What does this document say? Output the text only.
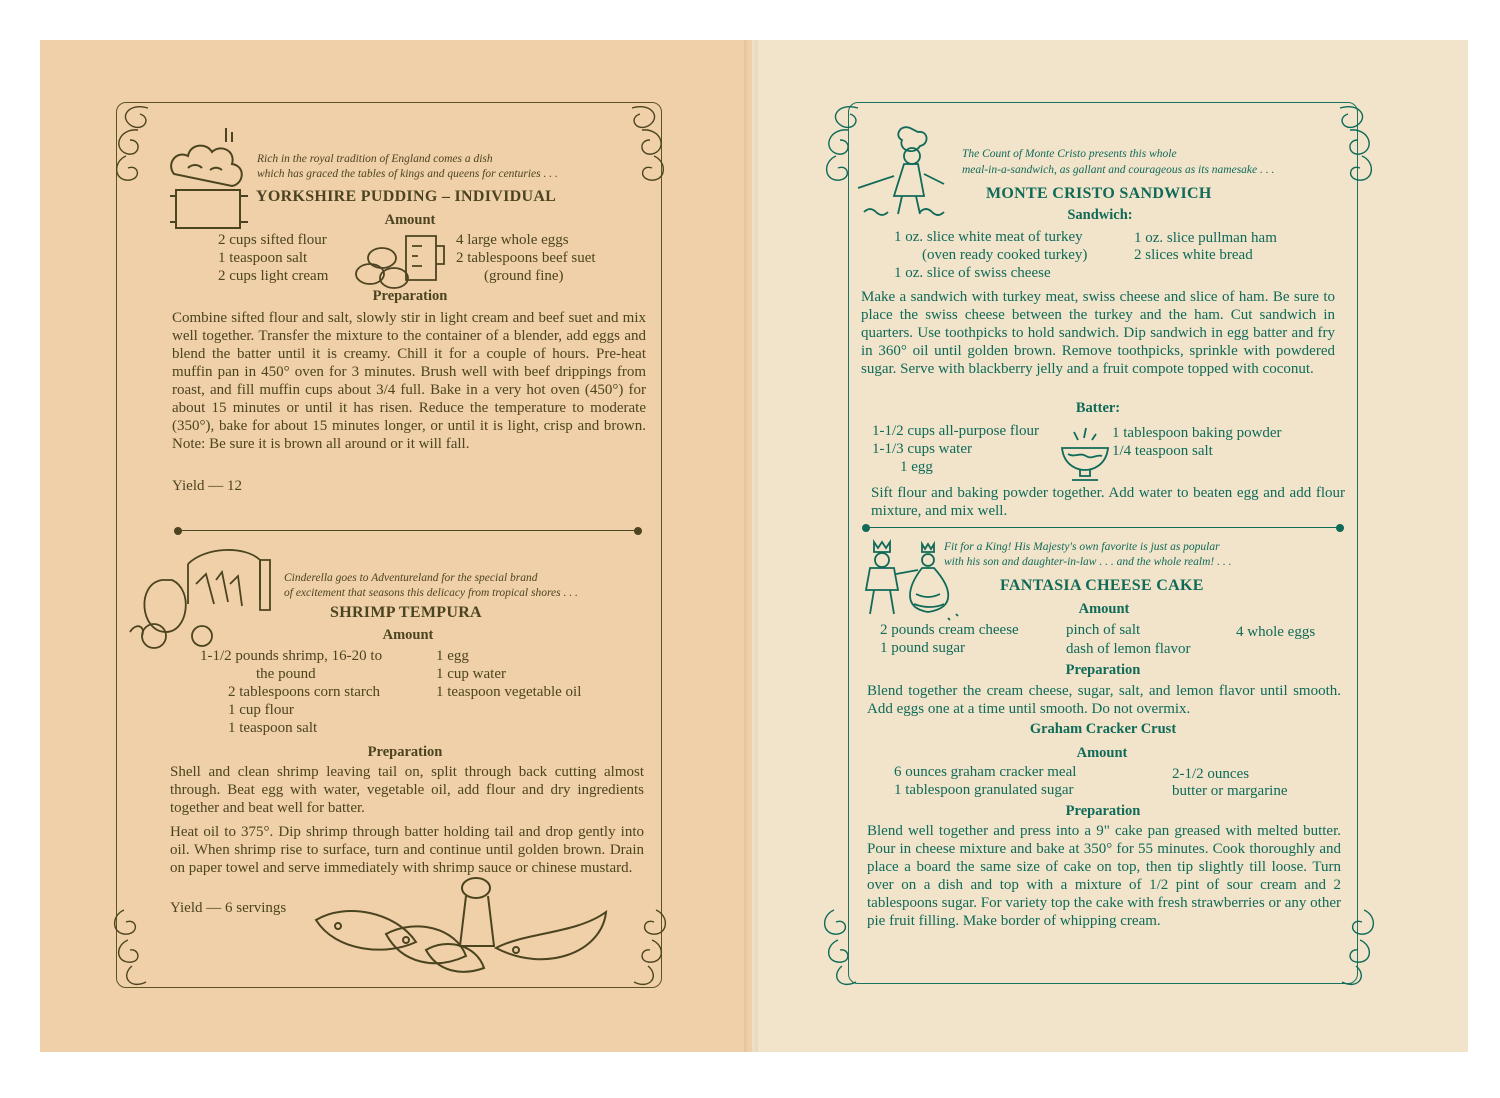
Rich in the royal tradition of England comes a dish
which has graced the tables of kings and queens for centuries . . .
YORKSHIRE PUDDING – INDIVIDUAL
Amount
2 cups sifted flour
1 teaspoon salt
2 cups light cream
4 large whole eggs
2 tablespoons beef suet
(ground fine)
Preparation
Combine sifted flour and salt, slowly stir in light cream and beef suet and mix well together. Transfer the mixture to the container of a blender, add eggs and blend the batter until it is creamy. Chill it for a couple of hours. Pre-heat muffin pan in 450° oven for 3 minutes. Brush well with beef drippings from roast, and fill muffin cups about 3/4 full. Bake in a very hot oven (450°) for about 15 minutes or until it has risen. Reduce the temperature to moderate (350°), bake for about 15 minutes longer, or until it is light, crisp and brown. Note: Be sure it is brown all around or it will fall.
Yield — 12
Cinderella goes to Adventureland for the special brand
of excitement that seasons this delicacy from tropical shores . . .
SHRIMP TEMPURA
Amount
1-1/2 pounds shrimp, 16-20 to
the pound
2 tablespoons corn starch
1 cup flour
1 teaspoon salt
1 egg
1 cup water
1 teaspoon vegetable oil
Preparation
Shell and clean shrimp leaving tail on, split through back cutting almost through. Beat egg with water, vegetable oil, add flour and dry ingredients together and beat well for batter.
Heat oil to 375°. Dip shrimp through batter holding tail and drop gently into oil. When shrimp rise to surface, turn and continue until golden brown. Drain on paper towel and serve immediately with shrimp sauce or chinese mustard.
Yield — 6 servings
The Count of Monte Cristo presents this whole
meal-in-a-sandwich, as gallant and courageous as its namesake . . .
MONTE CRISTO SANDWICH
Sandwich:
1 oz. slice white meat of turkey
(oven ready cooked turkey)
1 oz. slice of swiss cheese
1 oz. slice pullman ham
2 slices white bread
Make a sandwich with turkey meat, swiss cheese and slice of ham. Be sure to place the swiss cheese between the turkey and the ham. Cut sandwich in quarters. Use toothpicks to hold sandwich. Dip sandwich in egg batter and fry in 360° oil until golden brown. Remove toothpicks, sprinkle with powdered sugar. Serve with blackberry jelly and a fruit compote topped with coconut.
Batter:
1-1/2 cups all-purpose flour
1-1/3 cups water
1 egg
1 tablespoon baking powder
1/4 teaspoon salt
Sift flour and baking powder together. Add water to beaten egg and add flour mixture, and mix well.
Fit for a King! His Majesty's own favorite is just as popular
with his son and daughter-in-law . . . and the whole realm! . . .
FANTASIA CHEESE CAKE
Amount
2 pounds cream cheese
1 pound sugar
pinch of salt
dash of lemon flavor
4 whole eggs
Preparation
Blend together the cream cheese, sugar, salt, and lemon flavor until smooth. Add eggs one at a time until smooth. Do not overmix.
Graham Cracker Crust
Amount
6 ounces graham cracker meal
1 tablespoon granulated sugar
2-1/2 ounces
butter or margarine
Preparation
Blend well together and press into a 9" cake pan greased with melted butter. Pour in cheese mixture and bake at 350° for 55 minutes. Cook thoroughly and place a board the same size of cake on top, then tip slightly till loose. Turn over on a dish and top with a mixture of 1/2 pint of sour cream and 2 tablespoons sugar. For variety top the cake with fresh strawberries or any other pie fruit filling. Make border of whipping cream.
